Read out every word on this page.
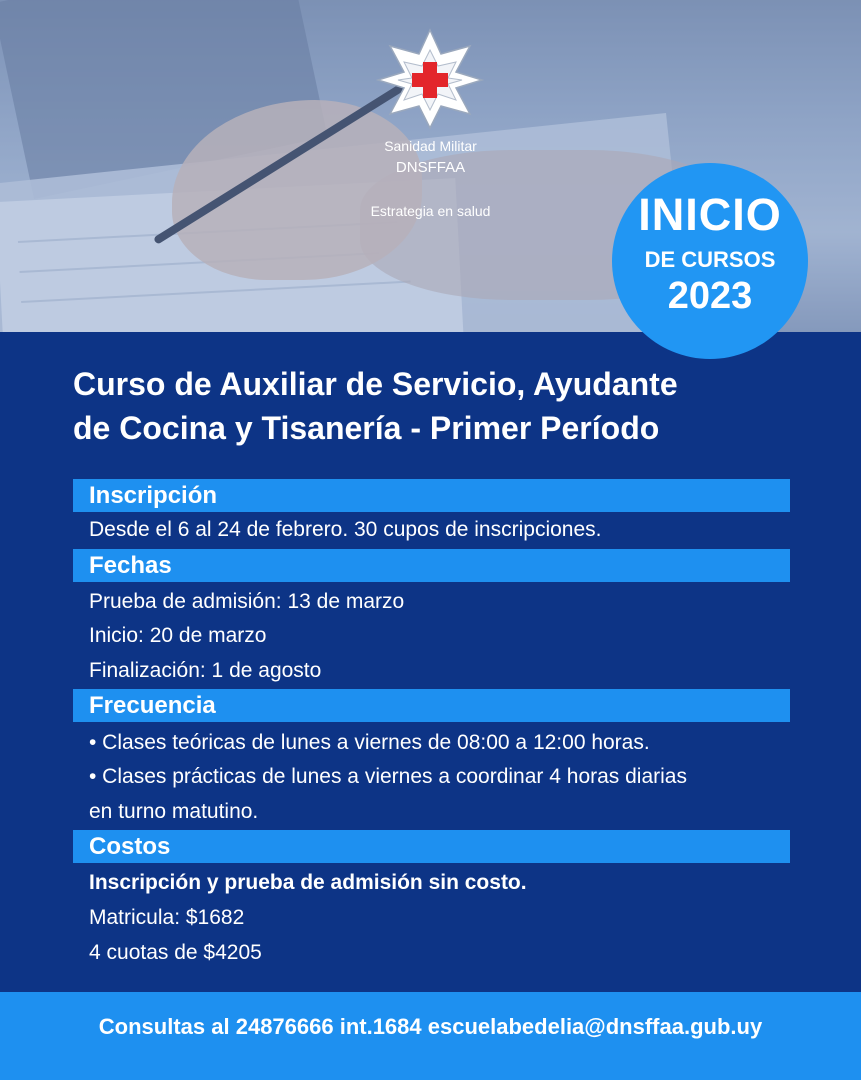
Sanidad Militar
DNSFFAA
Estrategia en salud	INICIO
DE CURSOS
2023
Curso de Auxiliar de Servicio, Ayudante
de Cocina y Tisanería - Primer Período
Inscripción
Desde el 6 al 24 de febrero. 30 cupos de inscripciones.
Fechas
Prueba de admisión: 13 de marzo
Inicio: 20 de marzo
Finalización: 1 de agosto
Frecuencia
• Clases teóricas de lunes a viernes de 08:00 a 12:00 horas.
• Clases prácticas de lunes a viernes a coordinar 4 horas diarias
en turno matutino.
Costos
Inscripción y prueba de admisión sin costo.
Matricula: $1682
4 cuotas de $4205
Consultas al 24876666 int.1684 escuelabedelia@dnsffaa.gub.uy
